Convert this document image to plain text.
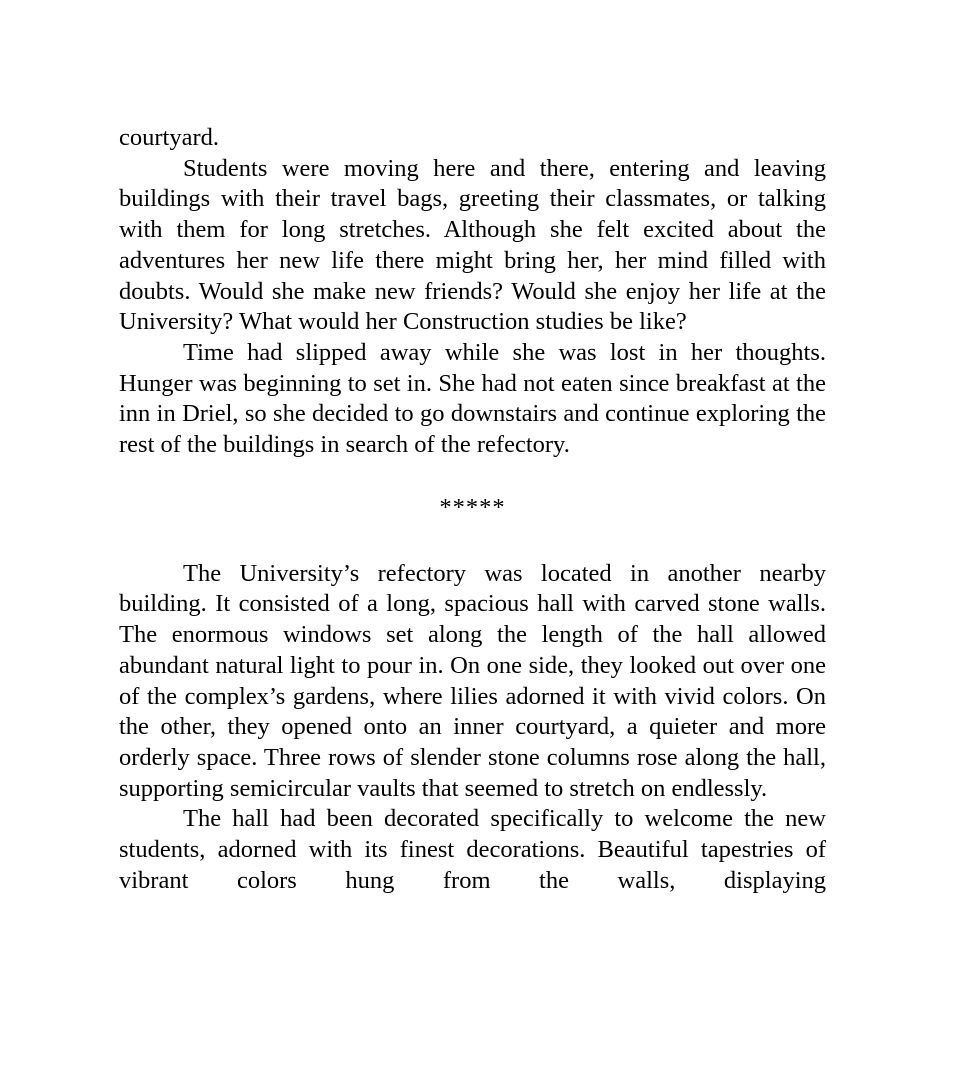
courtyard.

Students were moving here and there, entering and leaving buildings with their travel bags, greeting their classmates, or talking with them for long stretches. Although she felt excited about the adventures her new life there might bring her, her mind filled with doubts. Would she make new friends? Would she enjoy her life at the University? What would her Construction studies be like?

Time had slipped away while she was lost in her thoughts. Hunger was beginning to set in. She had not eaten since breakfast at the inn in Driel, so she decided to go downstairs and continue exploring the rest of the buildings in search of the refectory.

*****

The University’s refectory was located in another nearby building. It consisted of a long, spacious hall with carved stone walls. The enormous windows set along the length of the hall allowed abundant natural light to pour in. On one side, they looked out over one of the complex’s gardens, where lilies adorned it with vivid colors. On the other, they opened onto an inner courtyard, a quieter and more orderly space. Three rows of slender stone columns rose along the hall, supporting semicircular vaults that seemed to stretch on endlessly.

The hall had been decorated specifically to welcome the new students, adorned with its finest decorations. Beautiful tapestries of vibrant colors hung from the walls, displaying
